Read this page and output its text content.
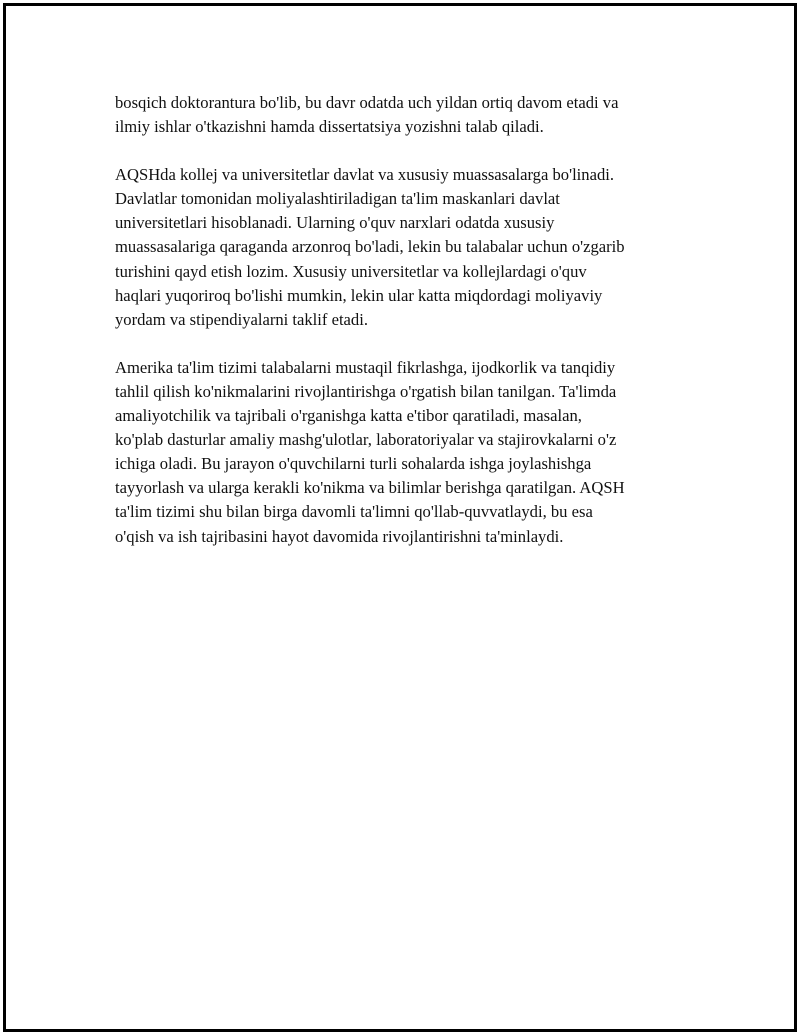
bosqich doktorantura bo'lib, bu davr odatda uch yildan ortiq davom etadi va
ilmiy ishlar o'tkazishni hamda dissertatsiya yozishni talab qiladi.
AQSHda kollej va universitetlar davlat va xususiy muassasalarga bo'linadi.
Davlatlar tomonidan moliyalashtiriladigan ta'lim maskanlari davlat
universitetlari hisoblanadi. Ularning o'quv narxlari odatda xususiy
muassasalariga qaraganda arzonroq bo'ladi, lekin bu talabalar uchun o'zgarib
turishini qayd etish lozim. Xususiy universitetlar va kollejlardagi o'quv
haqlari yuqoriroq bo'lishi mumkin, lekin ular katta miqdordagi moliyaviy
yordam va stipendiyalarni taklif etadi.
Amerika ta'lim tizimi talabalarni mustaqil fikrlashga, ijodkorlik va tanqidiy
tahlil qilish ko'nikmalarini rivojlantirishga o'rgatish bilan tanilgan. Ta'limda
amaliyotchilik va tajribali o'rganishga katta e'tibor qaratiladi, masalan,
ko'plab dasturlar amaliy mashg'ulotlar, laboratoriyalar va stajirovkalarni o'z
ichiga oladi. Bu jarayon o'quvchilarni turli sohalarda ishga joylashishga
tayyorlash va ularga kerakli ko'nikma va bilimlar berishga qaratilgan. AQSH
ta'lim tizimi shu bilan birga davomli ta'limni qo'llab-quvvatlaydi, bu esa
o'qish va ish tajribasini hayot davomida rivojlantirishni ta'minlaydi.
